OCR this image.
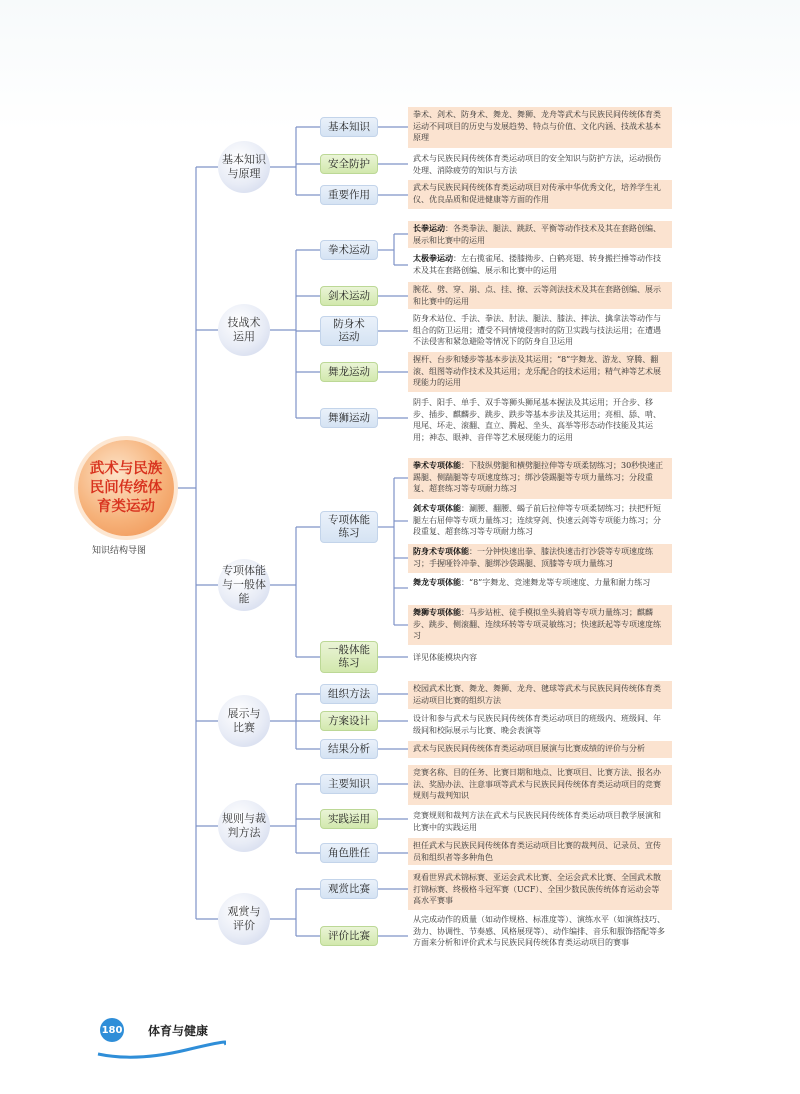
武术与民族民间传统体育类运动
知识结构导图
基本知识与原理
技战术运用
专项体能与一般体能
展示与比赛
规则与裁判方法
观赏与评价
基本知识
安全防护
重要作用
拳术运动
剑术运动
防身术运动
舞龙运动
舞狮运动
专项体能练习
一般体能练习
组织方法
方案设计
结果分析
主要知识
实践运用
角色胜任
观赏比赛
评价比赛
拳术、剑术、防身术、舞龙、舞狮、龙舟等武术与民族民间传统体育类运动不同项目的历史与发展趋势、特点与价值、文化内涵、技战术基本原理
武术与民族民间传统体育类运动项目的安全知识与防护方法，运动损伤处理、消除疲劳的知识与方法
武术与民族民间传统体育类运动项目对传承中华优秀文化，培养学生礼仪、优良品质和促进健康等方面的作用
长拳运动：各类拳法、腿法、跳跃、平衡等动作技术及其在套路创编、展示和比赛中的运用
太极拳运动：左右揽雀尾、搂膝拗步、白鹤亮翅、转身搬拦捶等动作技术及其在套路创编、展示和比赛中的运用
腕花、劈、穿、崩、点、挂、撩、云等剑法技术及其在套路创编、展示和比赛中的运用
防身术站位、手法、拳法、肘法、腿法、膝法、摔法、擒拿法等动作与组合的防卫运用；遭受不同情境侵害时的防卫实践与技法运用；在遭遇不法侵害和紧急避险等情况下的防身自卫运用
握杆、台步和矮步等基本步法及其运用；“8”字舞龙、游龙、穿腾、翻滚、组图等动作技术及其运用；龙乐配合的技术运用；精气神等艺术展现能力的运用
阴手、阳手、单手、双手等狮头狮尾基本握法及其运用；开合步、移步、插步、麒麟步、跳步、跌步等基本步法及其运用；亮相、舔、啃、甩尾、坏走、滚翻、直立、腾起、坐头、高举等形态动作技能及其运用；神态、眼神、音伴等艺术展现能力的运用
拳术专项体能：下肢纵劈腿和横劈腿拉伸等专项柔韧练习；30秒快速正踢腿、侧踹腿等专项速度练习；绑沙袋踢腿等专项力量练习；分段重复、超套练习等专项耐力练习
剑术专项体能：涮腰、翻腰、蝎子前后拉伸等专项柔韧练习；扶把杆短腿左右屈伸等专项力量练习；连续穿剑、快速云剑等专项能力练习；分段重复、超套练习等专项耐力练习
防身术专项体能：一分钟快速出拳、膝法快速击打沙袋等专项速度练习；手握哑铃冲拳、腿绑沙袋踢腿、顶膝等专项力量练习
舞龙专项体能：“8”字舞龙、竞速舞龙等专项速度、力量和耐力练习
舞狮专项体能：马步站桩、徒手模拟坐头骑肩等专项力量练习；麒麟步、跳步、侧滚翻、连续环转等专项灵敏练习；快速跃起等专项速度练习
详见体能模块内容
校园武术比赛、舞龙、舞狮、龙舟、毽球等武术与民族民间传统体育类运动项目比赛的组织方法
设计和参与武术与民族民间传统体育类运动项目的班级内、班级间、年级间和校际展示与比赛、晚会表演等
武术与民族民间传统体育类运动项目展演与比赛成绩的评价与分析
竞赛名称、目的任务、比赛日期和地点、比赛项目、比赛方法、报名办法、奖励办法、注意事项等武术与民族民间传统体育类运动项目的竞赛规则与裁判知识
竞赛规则和裁判方法在武术与民族民间传统体育类运动项目教学展演和比赛中的实践运用
担任武术与民族民间传统体育类运动项目比赛的裁判员、记录员、宣传员和组织者等多种角色
观看世界武术锦标赛、亚运会武术比赛、全运会武术比赛、全国武术散打锦标赛、终极格斗冠军赛（UCF）、全国少数民族传统体育运动会等高水平赛事
从完成动作的质量（如动作规格、标准度等）、演练水平（如演练技巧、劲力、协调性、节奏感、风格展现等）、动作编排、音乐和服饰搭配等多方面来分析和评价武术与民族民间传统体育类运动项目的赛事
180 体育与健康
